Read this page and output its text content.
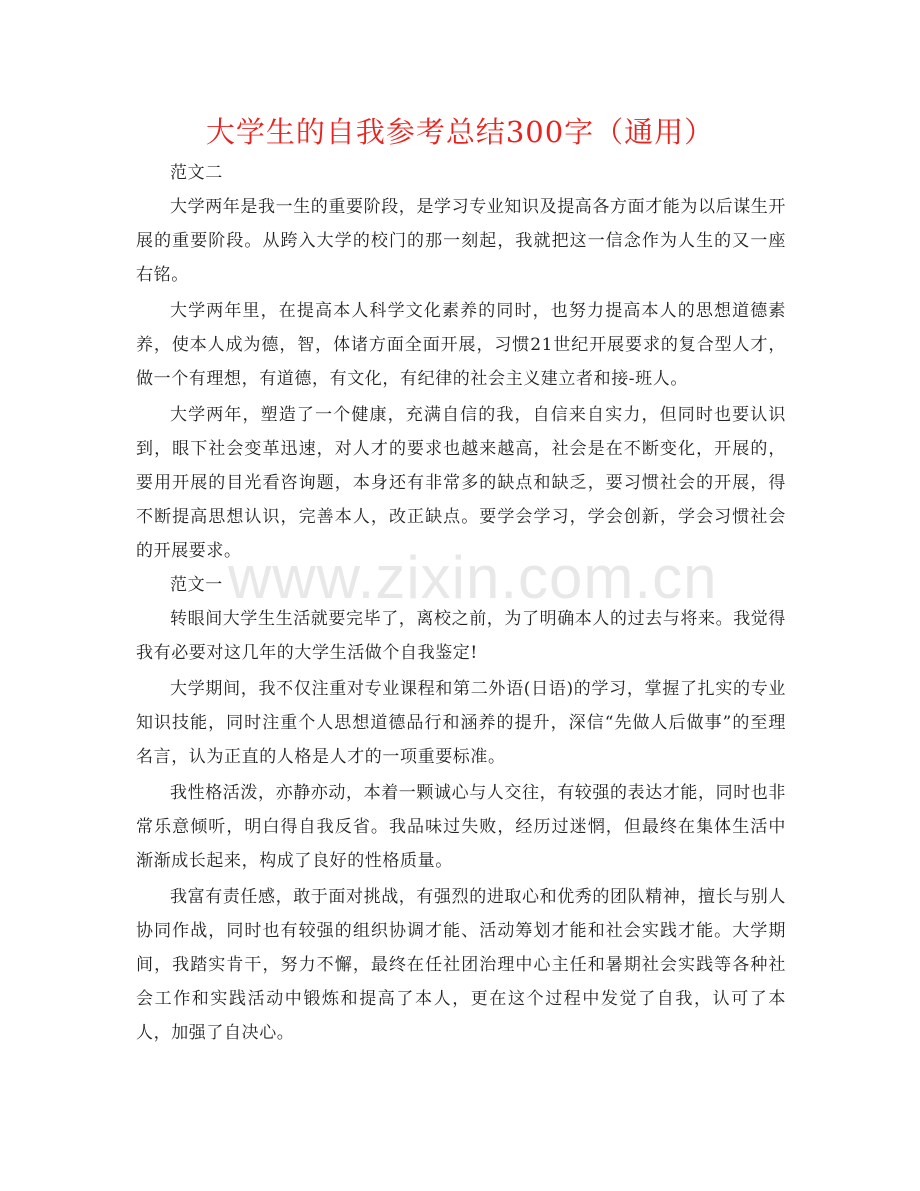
大学生的自我参考总结300字（通用）

范文二

大学两年是我一生的重要阶段，是学习专业知识及提高各方面才能为以后谋生开展的重要阶段。从跨入大学的校门的那一刻起，我就把这一信念作为人生的又一座右铭。

大学两年里，在提高本人科学文化素养的同时，也努力提高本人的思想道德素养，使本人成为德，智，体诸方面全面开展，习惯21世纪开展要求的复合型人才，做一个有理想，有道德，有文化，有纪律的社会主义建立者和接-班人。

大学两年，塑造了一个健康，充满自信的我，自信来自实力，但同时也要认识到，眼下社会变革迅速，对人才的要求也越来越高，社会是在不断变化，开展的，要用开展的目光看咨询题，本身还有非常多的缺点和缺乏，要习惯社会的开展，得不断提高思想认识，完善本人，改正缺点。要学会学习，学会创新，学会习惯社会的开展要求。

范文一

转眼间大学生生活就要完毕了，离校之前，为了明确本人的过去与将来。我觉得我有必要对这几年的大学生活做个自我鉴定!

大学期间，我不仅注重对专业课程和第二外语(日语)的学习，掌握了扎实的专业知识技能，同时注重个人思想道德品行和涵养的提升，深信“先做人后做事”的至理名言，认为正直的人格是人才的一项重要标准。

我性格活泼，亦静亦动，本着一颗诚心与人交往，有较强的表达才能，同时也非常乐意倾听，明白得自我反省。我品味过失败，经历过迷惘，但最终在集体生活中渐渐成长起来，构成了良好的性格质量。

我富有责任感，敢于面对挑战，有强烈的进取心和优秀的团队精神，擅长与别人协同作战，同时也有较强的组织协调才能、活动筹划才能和社会实践才能。大学期间，我踏实肯干，努力不懈，最终在任社团治理中心主任和暑期社会实践等各种社会工作和实践活动中锻炼和提高了本人，更在这个过程中发觉了自我，认可了本人，加强了自决心。

www.zixin.com.cn
